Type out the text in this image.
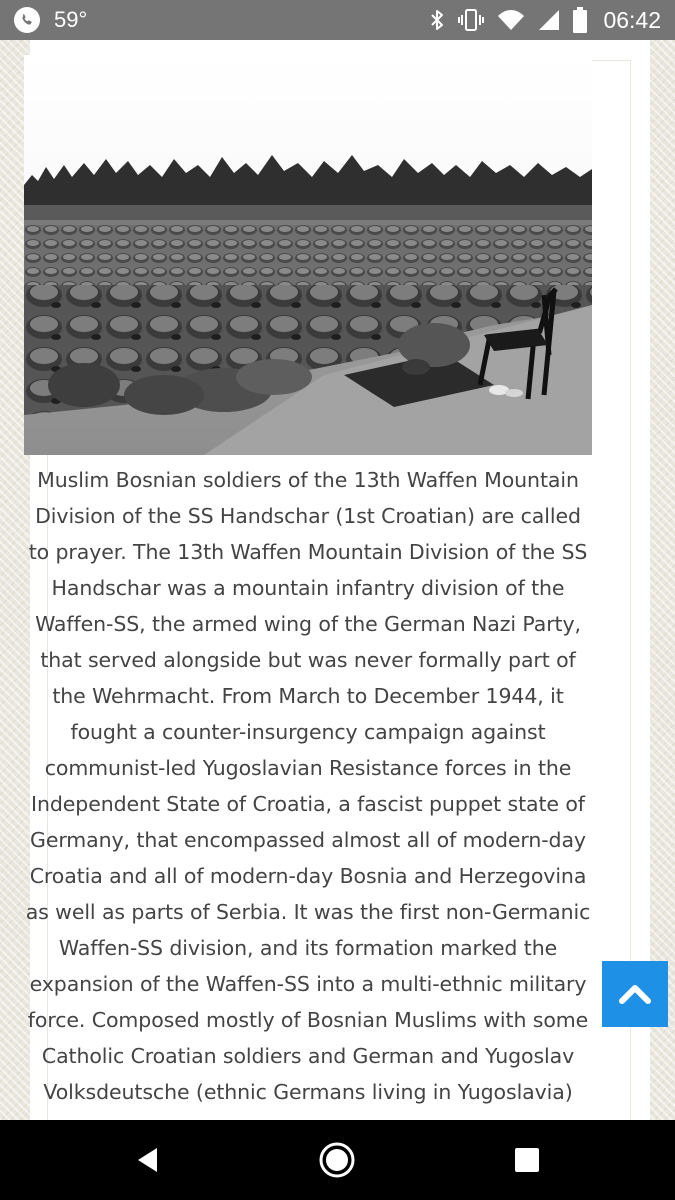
59°	06:42

Muslim Bosnian soldiers of the 13th Waffen Mountain Division of the SS Handschar (1st Croatian) are called to prayer. The 13th Waffen Mountain Division of the SS Handschar was a mountain infantry division of the Waffen-SS, the armed wing of the German Nazi Party, that served alongside but was never formally part of the Wehrmacht. From March to December 1944, it fought a counter-insurgency campaign against communist-led Yugoslavian Resistance forces in the Independent State of Croatia, a fascist puppet state of Germany, that encompassed almost all of modern-day Croatia and all of modern-day Bosnia and Herzegovina as well as parts of Serbia. It was the first non-Germanic Waffen-SS division, and its formation marked the expansion of the Waffen-SS into a multi-ethnic military force. Composed mostly of Bosnian Muslims with some Catholic Croatian soldiers and German and Yugoslav Volksdeutsche (ethnic Germans living in Yugoslavia)
